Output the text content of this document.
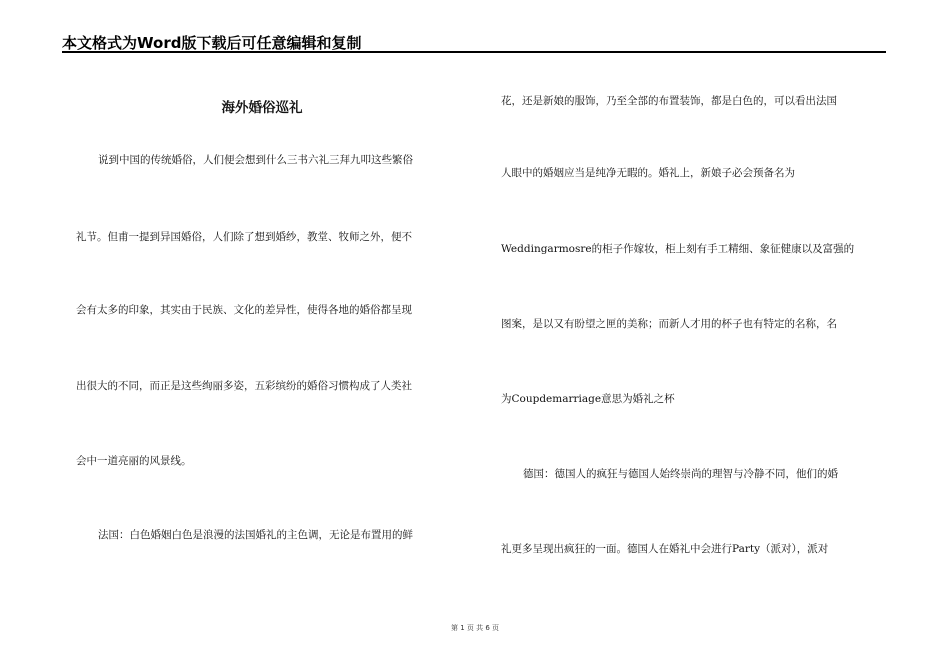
本文格式为Word版下载后可任意编辑和复制
海外婚俗巡礼
说到中国的传统婚俗，人们便会想到什么三书六礼三拜九叩这些繁俗
礼节。但甫一提到异国婚俗，人们除了想到婚纱，教堂、牧师之外，便不
会有太多的印象，其实由于民族、文化的差异性，使得各地的婚俗都呈现
出很大的不同，而正是这些绚丽多姿，五彩缤纷的婚俗习惯构成了人类社
会中一道亮丽的风景线。
法国：白色婚姻白色是浪漫的法国婚礼的主色调，无论是布置用的鲜
花，还是新娘的服饰，乃至全部的布置装饰，都是白色的，可以看出法国
人眼中的婚姻应当是纯净无暇的。婚礼上，新娘子必会预备名为
Weddingarmosre的柜子作嫁妆，柜上刻有手工精细、象征健康以及富强的
图案，是以又有盼望之匣的美称；而新人才用的杯子也有特定的名称，名
为Coupdemarriage意思为婚礼之杯
德国：德国人的疯狂与德国人始终崇尚的理智与冷静不同，他们的婚
礼更多呈现出疯狂的一面。德国人在婚礼中会进行Party（派对），派对
第 1 页 共 6 页
